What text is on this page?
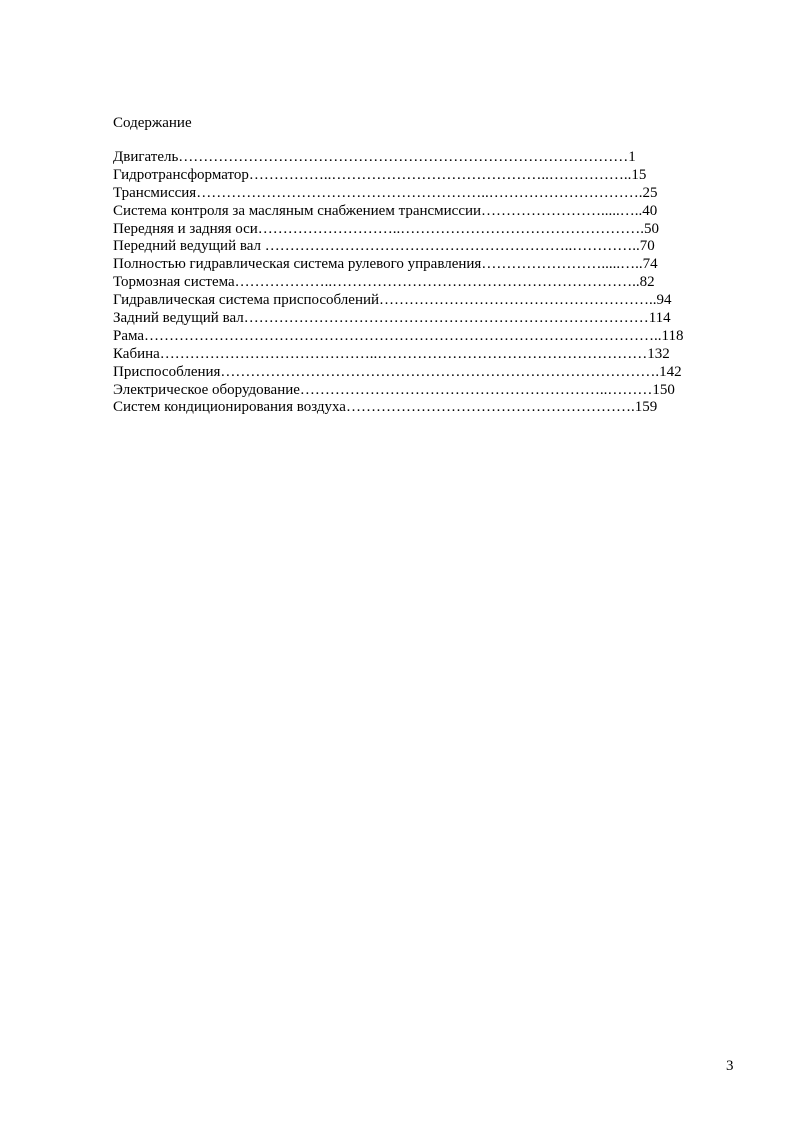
Содержание
Двигатель………………………………………………………………………………1
Гидротрансформатор……………..……………………………………..……………..15
Трансмиссия…………………………………………………..………………………….25
Система контроля за масляным снабжением трансмиссии…………………….....…..40
Передняя и задняя оси………………………..………………………………………….50
Передний ведущий вал ……………………………………………………..…………..70
Полностью гидравлическая система рулевого управления…………………….....…..74
Тормозная система………………..……………………………………………………..82
Гидравлическая система приспособлений………………………………………………..94
Задний ведущий вал………………………………………………………………………114
Рама…………………………………………………………………………………………..118
Кабина……………………………………..………………………………………………132
Приспособления…………………………………………………………………………….142
Электрическое оборудование……………………………………………………..………150
Систем кондиционирования воздуха………………………………………………….159
3
